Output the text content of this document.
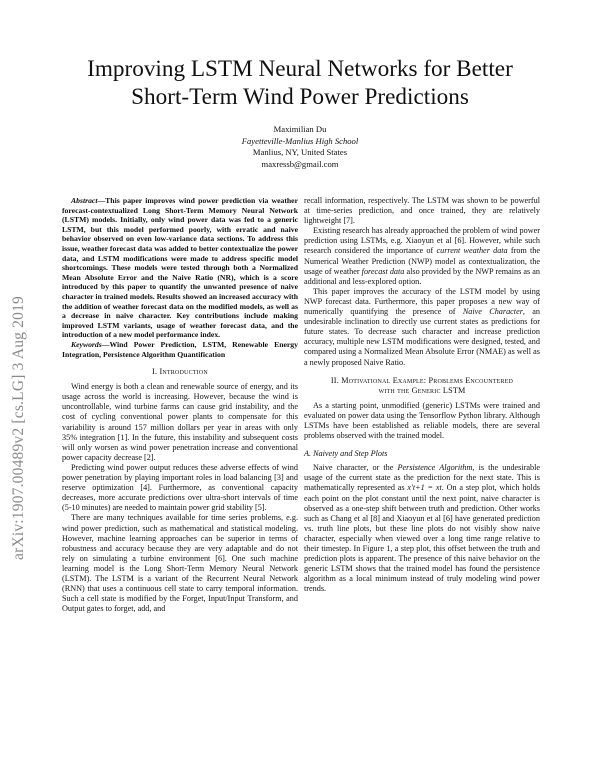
arXiv:1907.00489v2 [cs.LG] 3 Aug 2019
Improving LSTM Neural Networks for Better
Short-Term Wind Power Predictions
Maximilian Du
Fayetteville-Manlius High School
Manlius, NY, United States
maxressb@gmail.com

Abstract—This paper improves wind power prediction via weather forecast-contextualized Long Short-Term Memory Neural Network (LSTM) models. Initially, only wind power data was fed to a generic LSTM, but this model performed poorly, with erratic and naive behavior observed on even low-variance data sections. To address this issue, weather forecast data was added to better contextualize the power data, and LSTM modifications were made to address specific model shortcomings. These models were tested through both a Normalized Mean Absolute Error and the Naive Ratio (NR), which is a score introduced by this paper to quantify the unwanted presence of naive character in trained models. Results showed an increased accuracy with the addition of weather forecast data on the modified models, as well as a decrease in naive character. Key contributions include making improved LSTM variants, usage of weather forecast data, and the introduction of a new model performance index.

Keywords—Wind Power Prediction, LSTM, Renewable Energy Integration, Persistence Algorithm Quantification

I. Introduction

Wind energy is both a clean and renewable source of energy, and its usage across the world is increasing. However, because the wind is uncontrollable, wind turbine farms can cause grid instability, and the cost of cycling conventional power plants to compensate for this variability is around 157 million dollars per year in areas with only 35% integration [1]. In the future, this instability and subsequent costs will only worsen as wind power penetration increase and conventional power capacity decrease [2].

Predicting wind power output reduces these adverse effects of wind power penetration by playing important roles in load balancing [3] and reserve optimization [4]. Furthermore, as conventional capacity decreases, more accurate predictions over ultra-short intervals of time (5-10 minutes) are needed to maintain power grid stability [5].

There are many techniques available for time series problems, e.g. wind power prediction, such as mathematical and statistical modeling. However, machine learning approaches can be superior in terms of robustness and accuracy because they are very adaptable and do not rely on simulating a turbine environment [6]. One such machine learning model is the Long Short-Term Memory Neural Network (LSTM). The LSTM is a variant of the Recurrent Neural Network (RNN) that uses a continuous cell state to carry temporal information. Such a cell state is modified by the Forget, Input/Input Transform, and Output gates to forget, add, and

recall information, respectively. The LSTM was shown to be powerful at time-series prediction, and once trained, they are relatively lightweight [7].

Existing research has already approached the problem of wind power prediction using LSTMs, e.g. Xiaoyun et al [6]. However, while such research considered the importance of current weather data from the Numerical Weather Prediction (NWP) model as contextualization, the usage of weather forecast data also provided by the NWP remains as an additional and less-explored option.

This paper improves the accuracy of the LSTM model by using NWP forecast data. Furthermore, this paper proposes a new way of numerically quantifying the presence of Naive Character, an undesirable inclination to directly use current states as predictions for future states. To decrease such character and increase prediction accuracy, multiple new LSTM modifications were designed, tested, and compared using a Normalized Mean Absolute Error (NMAE) as well as a newly proposed Naive Ratio.

II. Motivational Example: Problems Encountered
with the Generic LSTM

As a starting point, unmodified (generic) LSTMs were trained and evaluated on power data using the Tensorflow Python library. Although LSTMs have been established as reliable models, there are several problems observed with the trained model.

A. Naivety and Step Plots

Naive character, or the Persistence Algorithm, is the undesirable usage of the current state as the prediction for the next state. This is mathematically represented as x′t+1 = xt. On a step plot, which holds each point on the plot constant until the next point, naive character is observed as a one-step shift between truth and prediction. Other works such as Chang et al [8] and Xiaoyun et al [6] have generated prediction vs. truth line plots, but these line plots do not visibly show naive character, especially when viewed over a long time range relative to their timestep. In Figure 1, a step plot, this offset between the truth and prediction plots is apparent. The presence of this naive behavior on the generic LSTM shows that the trained model has found the persistence algorithm as a local minimum instead of truly modeling wind power trends.
